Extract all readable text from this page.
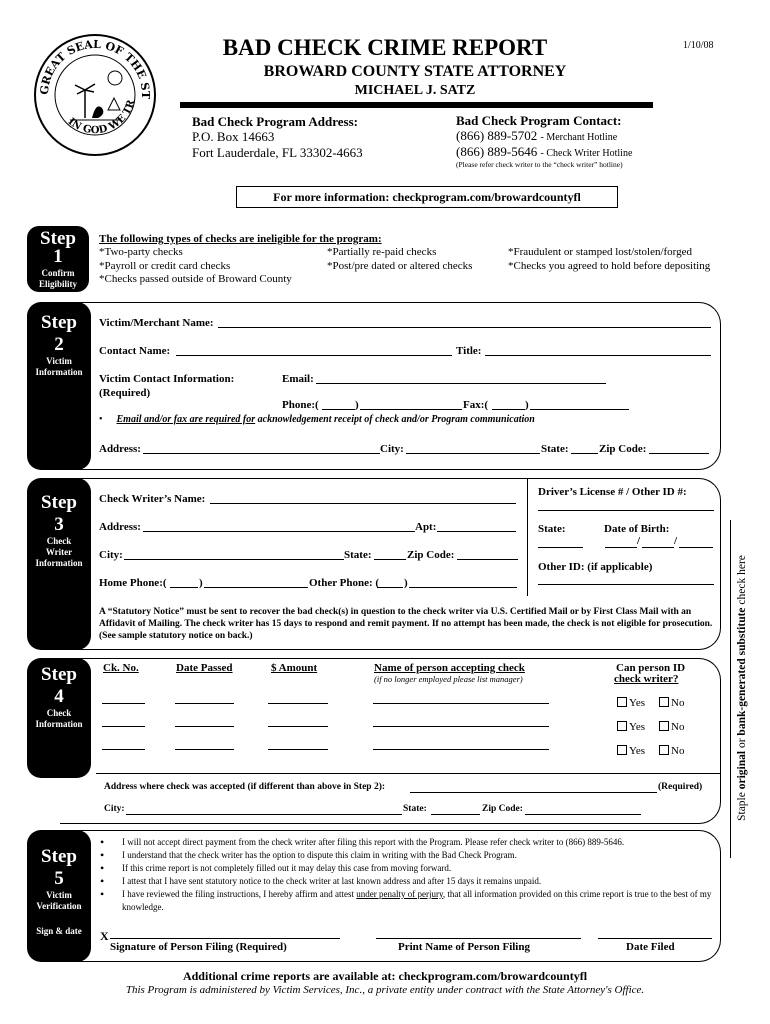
GREAT SEAL OF THE ST
IN GOD WE TR
BAD CHECK CRIME REPORT	1/10/08
BROWARD COUNTY STATE ATTORNEY
MICHAEL J. SATZ
Bad Check Program Address:
P.O. Box 14663
Fort Lauderdale, FL 33302-4663
Bad Check Program Contact:
(866) 889-5702 - Merchant Hotline
(866) 889-5646 - Check Writer Hotline
(Please refer check writer to the “check writer” hotline)
For more information: checkprogram.com/browardcountyfl
Step
1
Confirm
Eligibility
The following types of checks are ineligible for the program:
*Two-party checks
*Payroll or credit card checks
*Checks passed outside of Broward County
*Partially re-paid checks
*Post/pre dated or altered checks
*Fraudulent or stamped lost/stolen/forged
*Checks you agreed to hold before depositing
Step
2
Victim
Information
Victim/Merchant Name:
Contact Name:	Title:
Victim Contact Information:
(Required)
Email:
Phone:(	)	Fax:(	)
• Email and/or fax are required for acknowledgement receipt of check and/or Program communication
Address:	City:	State:	Zip Code:
Step
3
Check
Writer
Information
Check Writer’s Name:
Address:	Apt:
City:	State:	Zip Code:
Home Phone:(	)	Other Phone: ( )
Driver’s License # / Other ID #:
State:	Date of Birth:
/	/
Other ID: (if applicable)
A “Statutory Notice” must be sent to recover the bad check(s) in question to the check writer via U.S. Certified Mail or by First Class Mail with an Affidavit of Mailing. The check writer has 15 days to respond and remit payment. If no attempt has been made, the check is not eligible for prosecution. (See sample statutory notice on back.)
Step
4
Check
Information
Ck. No.	Date Passed	$ Amount	Name of person accepting check
(if no longer employed please list manager)
Can person ID
check writer?
Yes No
Yes No
Yes No
Address where check was accepted (if different than above in Step 2):	(Required)
City:	State:	Zip Code:
Step
5
Victim
Verification
Sign & date
• I will not accept direct payment from the check writer after filing this report with the Program. Please refer check writer to (866) 889-5646.
• I understand that the check writer has the option to dispute this claim in writing with the Bad Check Program.
• If this crime report is not completely filled out it may delay this case from moving forward.
• I attest that I have sent statutory notice to the check writer at last known address and after 15 days it remains unpaid.
• I have reviewed the filing instructions, I hereby affirm and attest under penalty of perjury, that all information provided on this crime report is true to the best of my knowledge.
X
Signature of Person Filing (Required)	Print Name of Person Filing	Date Filed
Staple original or bank-generated substitute check here
Additional crime reports are available at: checkprogram.com/browardcountyfl
This Program is administered by Victim Services, Inc., a private entity under contract with the State Attorney's Office.
